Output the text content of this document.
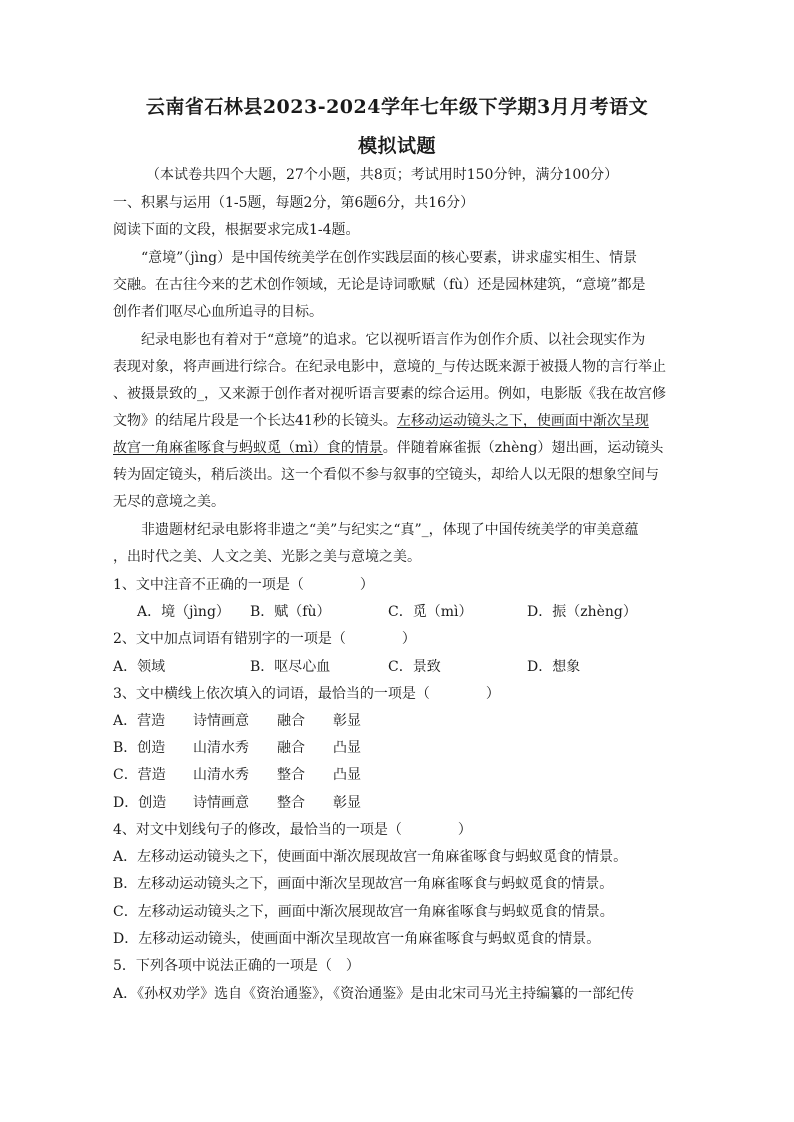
云南省石林县2023-2024学年七年级下学期3月月考语文
模拟试题
（本试卷共四个大题，27个小题，共8页；考试用时150分钟，满分100分）
一、积累与运用（1-5题，每题2分，第6题6分，共16分）
阅读下面的文段，根据要求完成1-4题。
“意境”（jìng）是中国传统美学在创作实践层面的核心要素，讲求虚实相生、情景
交融。在古往今来的艺术创作领域，无论是诗词歌赋（fù）还是园林建筑，“意境”都是
创作者们呕尽心血所追寻的目标。
纪录电影也有着对于“意境”的追求。它以视听语言作为创作介质、以社会现实作为
表现对象，将声画进行综合。在纪录电影中，意境的_与传达既来源于被摄人物的言行举止
、被摄景致的_，又来源于创作者对视听语言要素的综合运用。例如，电影版《我在故宫修
文物》的结尾片段是一个长达41秒的长镜头。左移动运动镜头之下，使画面中渐次呈现
故宫一角麻雀啄食与蚂蚁觅（mì）食的情景。伴随着麻雀振（zhèng）翅出画，运动镜头
转为固定镜头，稍后淡出。这一个看似不参与叙事的空镜头，却给人以无限的想象空间与
无尽的意境之美。
非遗题材纪录电影将非遗之“美”与纪实之“真”_，体现了中国传统美学的审美意蕴
，出时代之美、人文之美、光影之美与意境之美。
1、文中注音不正确的一项是（　　　　）
A．境（jìng） B．赋（fù）	C．觅（mì）	D．振（zhèng）
2、文中加点词语有错别字的一项是（　　　　）
A．领域	B．呕尽心血	C．景致	D．想象
3、文中横线上依次填入的词语，最恰当的一项是（　　　　）
A．营造 诗情画意 融合 彰显
B．创造 山清水秀 融合 凸显
C．营造 山清水秀 整合 凸显
D．创造 诗情画意 整合 彰显
4、对文中划线句子的修改，最恰当的一项是（　　　　）
A．左移动运动镜头之下，使画面中渐次展现故宫一角麻雀啄食与蚂蚁觅食的情景。
B．左移动运动镜头之下，画面中渐次呈现故宫一角麻雀啄食与蚂蚁觅食的情景。
C．左移动运动镜头之下，画面中渐次展现故宫一角麻雀啄食与蚂蚁觅食的情景。
D．左移动运动镜头，使画面中渐次呈现故宫一角麻雀啄食与蚂蚁觅食的情景。
5．下列各项中说法正确的一项是（　）
A．《孙权劝学》选自《资治通鉴》，《资治通鉴》是由北宋司马光主持编纂的一部纪传
